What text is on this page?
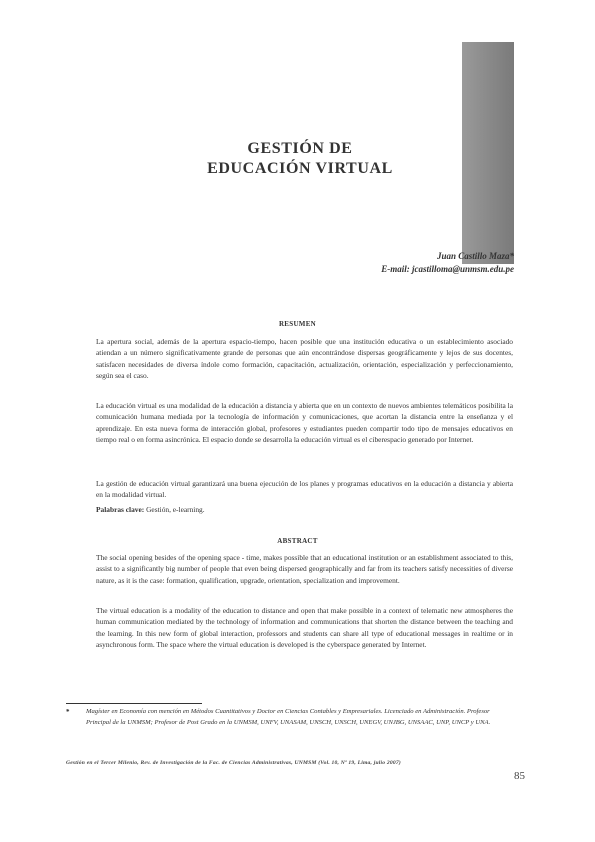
GESTIÓN DE
EDUCACIÓN VIRTUAL
Juan Castillo Maza*
E-mail: jcastilloma@unmsm.edu.pe
RESUMEN

La apertura social, además de la apertura espacio-tiempo, hacen posible que una institución educativa o un establecimiento asociado atiendan a un número significativamente grande de personas que aún encontrándose dispersas geográficamente y lejos de sus docentes, satisfacen necesidades de diversa índole como formación, capacitación, actualización, orientación, especialización y perfeccionamiento, según sea el caso.

La educación virtual es una modalidad de la educación a distancia y abierta que en un contexto de nuevos ambientes telemáticos posibilita la comunicación humana mediada por la tecnología de información y comunicaciones, que acortan la distancia entre la enseñanza y el aprendizaje. En esta nueva forma de interacción global, profesores y estudiantes pueden compartir todo tipo de mensajes educativos en tiempo real o en forma asincrónica. El espacio donde se desarrolla la educación virtual es el ciberespacio generado por Internet.

La gestión de educación virtual garantizará una buena ejecución de los planes y programas educativos en la educación a distancia y abierta en la modalidad virtual.

Palabras clave: Gestión, e-learning.
ABSTRACT

The social opening besides of the opening space - time, makes possible that an educational institution or an establishment associated to this, assist to a significantly big number of people that even being dispersed geographically and far from its teachers satisfy necessities of diverse nature, as it is the case: formation, qualification, upgrade, orientation, specialization and improvement.

The virtual education is a modality of the education to distance and open that make possible in a context of telematic new atmospheres the human communication mediated by the technology of information and communications that shorten the distance between the teaching and the learning. In this new form of global interaction, professors and students can share all type of educational messages in realtime or in asynchronous form. The space where the virtual education is developed is the cyberspace generated by Internet.

*	Magíster en Economía con mención en Métodos Cuantitativos y Doctor en Ciencias Contables y Empresariales. Licenciado en Administración. Profesor Principal de la UNMSM; Profesor de Post Grado en la UNMSM, UNFV, UNASAM, UNSCH, UNSCH, UNEGV, UNJBG, UNSAAC, UNP, UNCP y UNA.

Gestión en el Tercer Milenio, Rev. de Investigación de la Fac. de Ciencias Administrativas, UNMSM (Vol. 10, Nº 19, Lima, julio 2007)
85
